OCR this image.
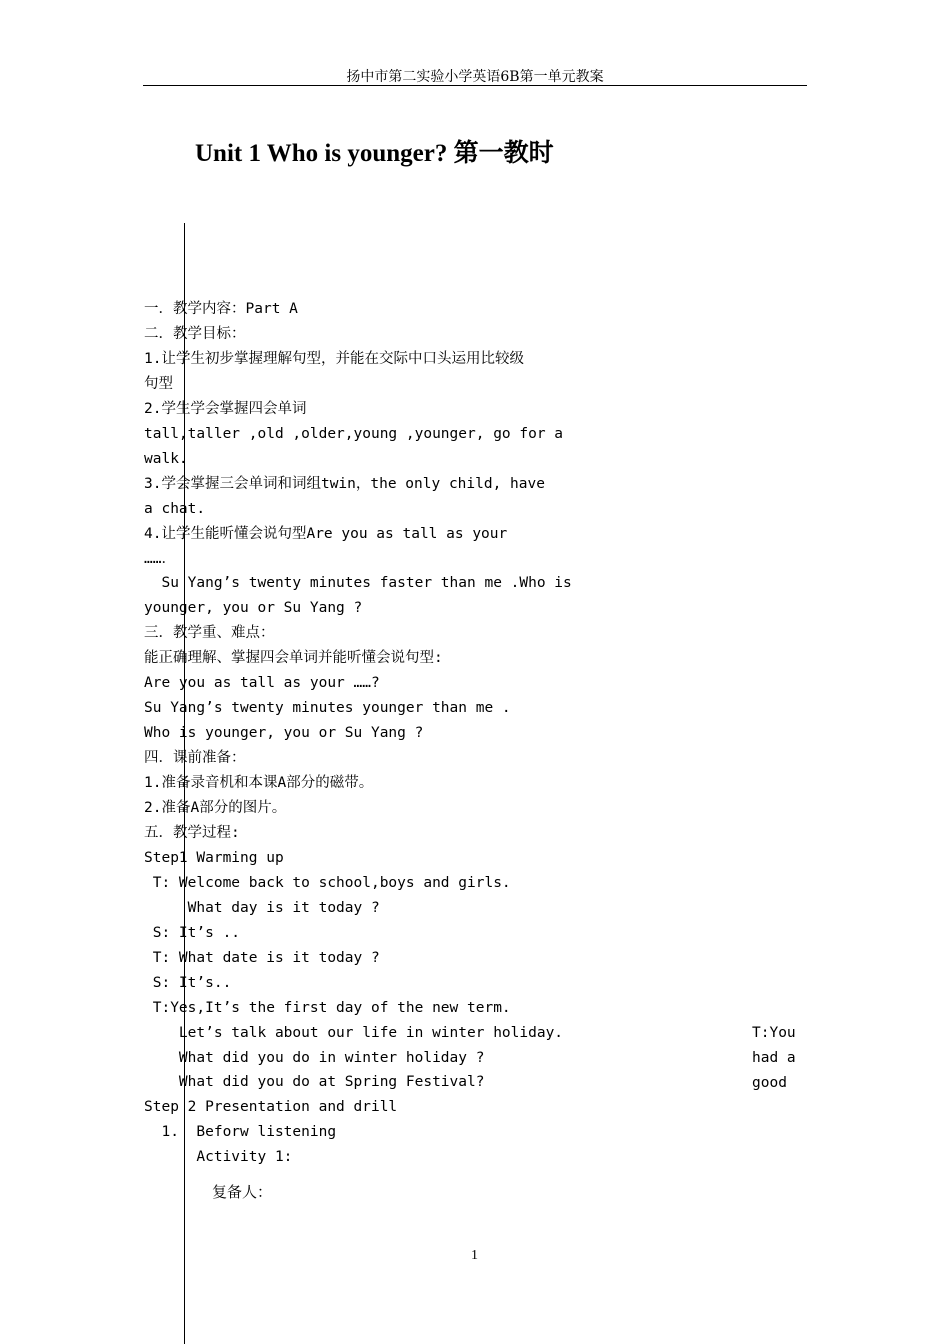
扬中市第二实验小学英语6B第一单元教案
Unit 1 Who is younger? 第一教时
一．教学内容：Part A
二．教学目标：
1.让学生初步掌握理解句型，并能在交际中口头运用比较级
句型
2.学生学会掌握四会单词
tall,taller ,old ,older,young ,younger, go for a
walk.
3.学会掌握三会单词和词组twin，the only child, have
a chat.
4.让学生能听懂会说句型Are you as tall as your
……．
Su Yang’s twenty minutes faster than me .Who is
younger, you or Su Yang ?
三．教学重、难点：
能正确理解、掌握四会单词并能听懂会说句型:
Are you as tall as your ……?
Su Yang’s twenty minutes younger than me .
Who is younger, you or Su Yang ?
四．课前准备：
1.准备录音机和本课A部分的磁带。
2.准备A部分的图片。
五．教学过程:
Step1 Warming up
T: Welcome back to school,boys and girls.
What day is it today ?
S: It’s ..
T: What date is it today ?
S: It’s..
T:Yes,It’s the first day of the new term.
Let’s talk about our life in winter holiday.
What did you do in winter holiday ?
What did you do at Spring Festival?
Step 2 Presentation and drill
1.  Beforw listening
Activity 1:
T:You
had a
good
复备人：
1
